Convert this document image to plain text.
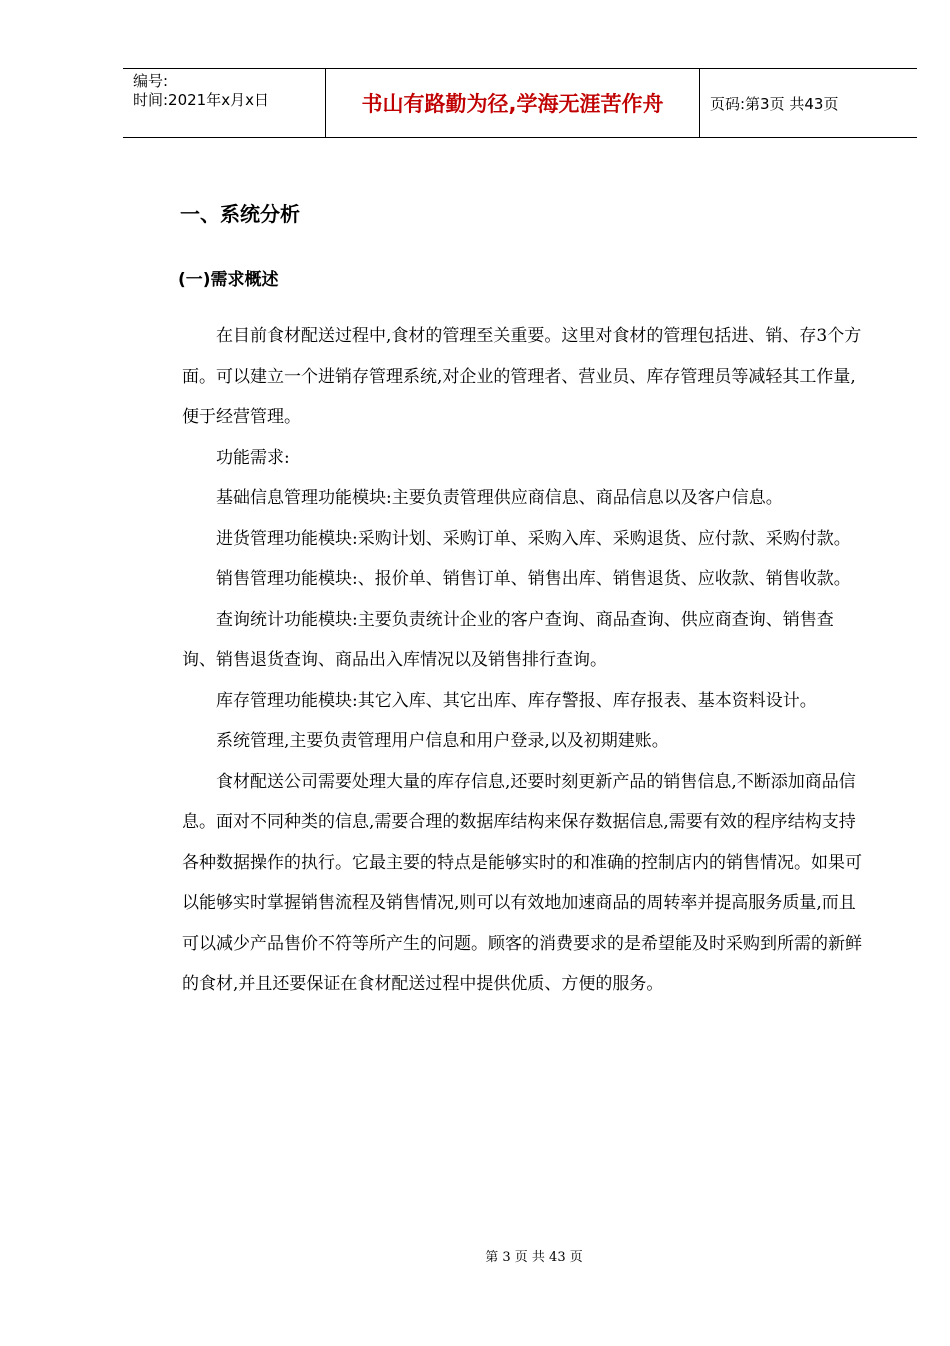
编号:
时间:2021年x月x日	书山有路勤为径,学海无涯苦作舟	页码:第3页 共43页
一、系统分析
(一)需求概述

在目前食材配送过程中,食材的管理至关重要。这里对食材的管理包括进、销、存3个方面。可以建立一个进销存管理系统,对企业的管理者、营业员、库存管理员等减轻其工作量,便于经营管理。

功能需求:

基础信息管理功能模块:主要负责管理供应商信息、商品信息以及客户信息。

进货管理功能模块:采购计划、采购订单、采购入库、采购退货、应付款、采购付款。

销售管理功能模块:、报价单、销售订单、销售出库、销售退货、应收款、销售收款。

查询统计功能模块:主要负责统计企业的客户查询、商品查询、供应商查询、销售查询、销售退货查询、商品出入库情况以及销售排行查询。

库存管理功能模块:其它入库、其它出库、库存警报、库存报表、基本资料设计。

系统管理,主要负责管理用户信息和用户登录,以及初期建账。

食材配送公司需要处理大量的库存信息,还要时刻更新产品的销售信息,不断添加商品信息。面对不同种类的信息,需要合理的数据库结构来保存数据信息,需要有效的程序结构支持各种数据操作的执行。它最主要的特点是能够实时的和准确的控制店内的销售情况。如果可以能够实时掌握销售流程及销售情况,则可以有效地加速商品的周转率并提高服务质量,而且可以减少产品售价不符等所产生的问题。顾客的消费要求的是希望能及时采购到所需的新鲜的食材,并且还要保证在食材配送过程中提供优质、方便的服务。

第 3 页 共 43 页
